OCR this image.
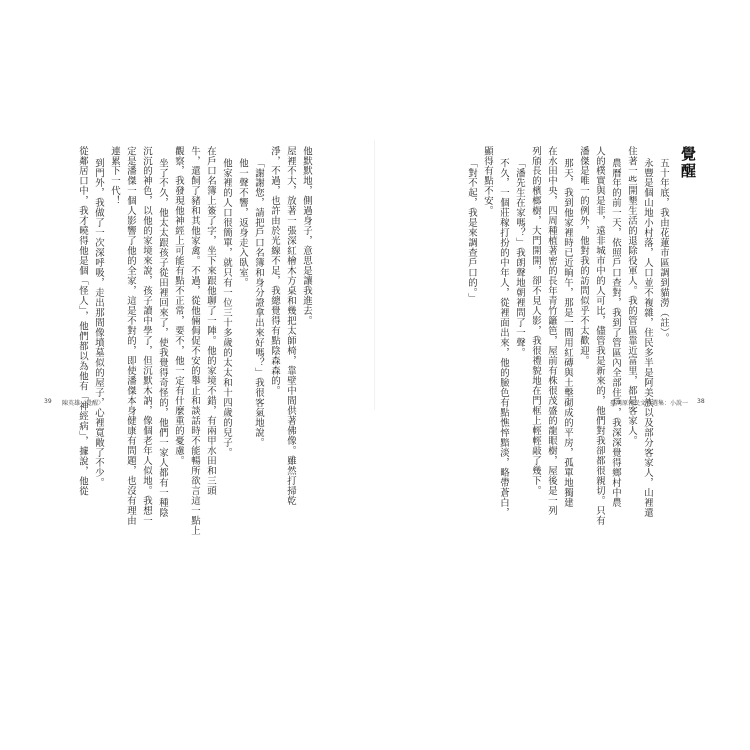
他默默地，側過身子，意思是讓我進去。
屋裡不大，放著一張深紅檜木方桌和幾把太師椅，靠壁中間供著佛像。雖然打掃乾
淨，不過，也許由於光線不足，我總覺得有點陰森森的。
「謝謝您，請把戶口名簿和身分證拿出來好嗎？」我很客氣地說。
他一聲不響，返身走入臥室。
他家裡的人口很簡單，就只有一位三十多歲的太太和十四歲的兒子。
在戶口名簿上簽了字，坐下來跟他聊了一陣。他的家境不錯，有兩甲水田和三頭
牛，還飼了豬和其他家禽。不過，從他倆侷促不安的舉止和談話時不能暢所欲言這一點上
觀察，我發現他神經上可能有點不正常，要不，他一定有什麼重的憂慮。
坐了不久，他太太跟孩子從田裡回來了，使我覺得奇怪的，他們一家人都有一種陰
沉沉的神色，以他的家境來說，孩子讀中學了，但沉默木訥，像個老年人似地。我想一
定是潘傑一個人影響了他的全家，這是不對的，即使潘傑本身健康有問題，也沒有理由
連累下一代！
到門外，我做了一次深呼吸，走出那間像墳墓似的屋子，心裡寬敞了不少。
從鄰居口中，我才曉得他是個「怪人」，他們都以為他有「神經病」，據說，他從
39 陳英雄〈覺醒〉
覺醒
五十年底，我由花蓮市區調到貓澇（註）。
永豐是個山地小村落，人口並不複雜，住民多半是阿美族以及部分客家人，山裡還
住著一些開墾生活的退除役軍人。我的管區靠近富里，都是客家人。
農曆年的前一天，依照戶口查對，我到了管區內全部住戶，我深深覺得鄉村中農
人的樸實與是非，遠非城市中的人可比，儘管我是新來的，他們對我卻都很親切。只有
潘傑是唯一的例外，他對我的訪問似乎不太歡迎。
那天，我到他家裡時已近晌午，那是一間用紅磚與土墼砌成的平房，孤單地獨建
在水田中央，四周種植著密的長年青竹籬笆，屋前有株很茂盛的龍眼樹，屋後是一列
列頎長的檳榔樹，大門開開，卻不見人影，我很禮貌地在門框上輕輕敲了幾下。
「潘先生在家嗎？」我朗聲地朝裡問了一聲。
不久，一個莊稼打扮的中年人，從裡面出來，他的臉色有點憔悴黯淡，略帶蒼白，
顯得有點不安。
「對不起，我是來調查戶口的。」
臺灣原住民文學選集：小說一 38
